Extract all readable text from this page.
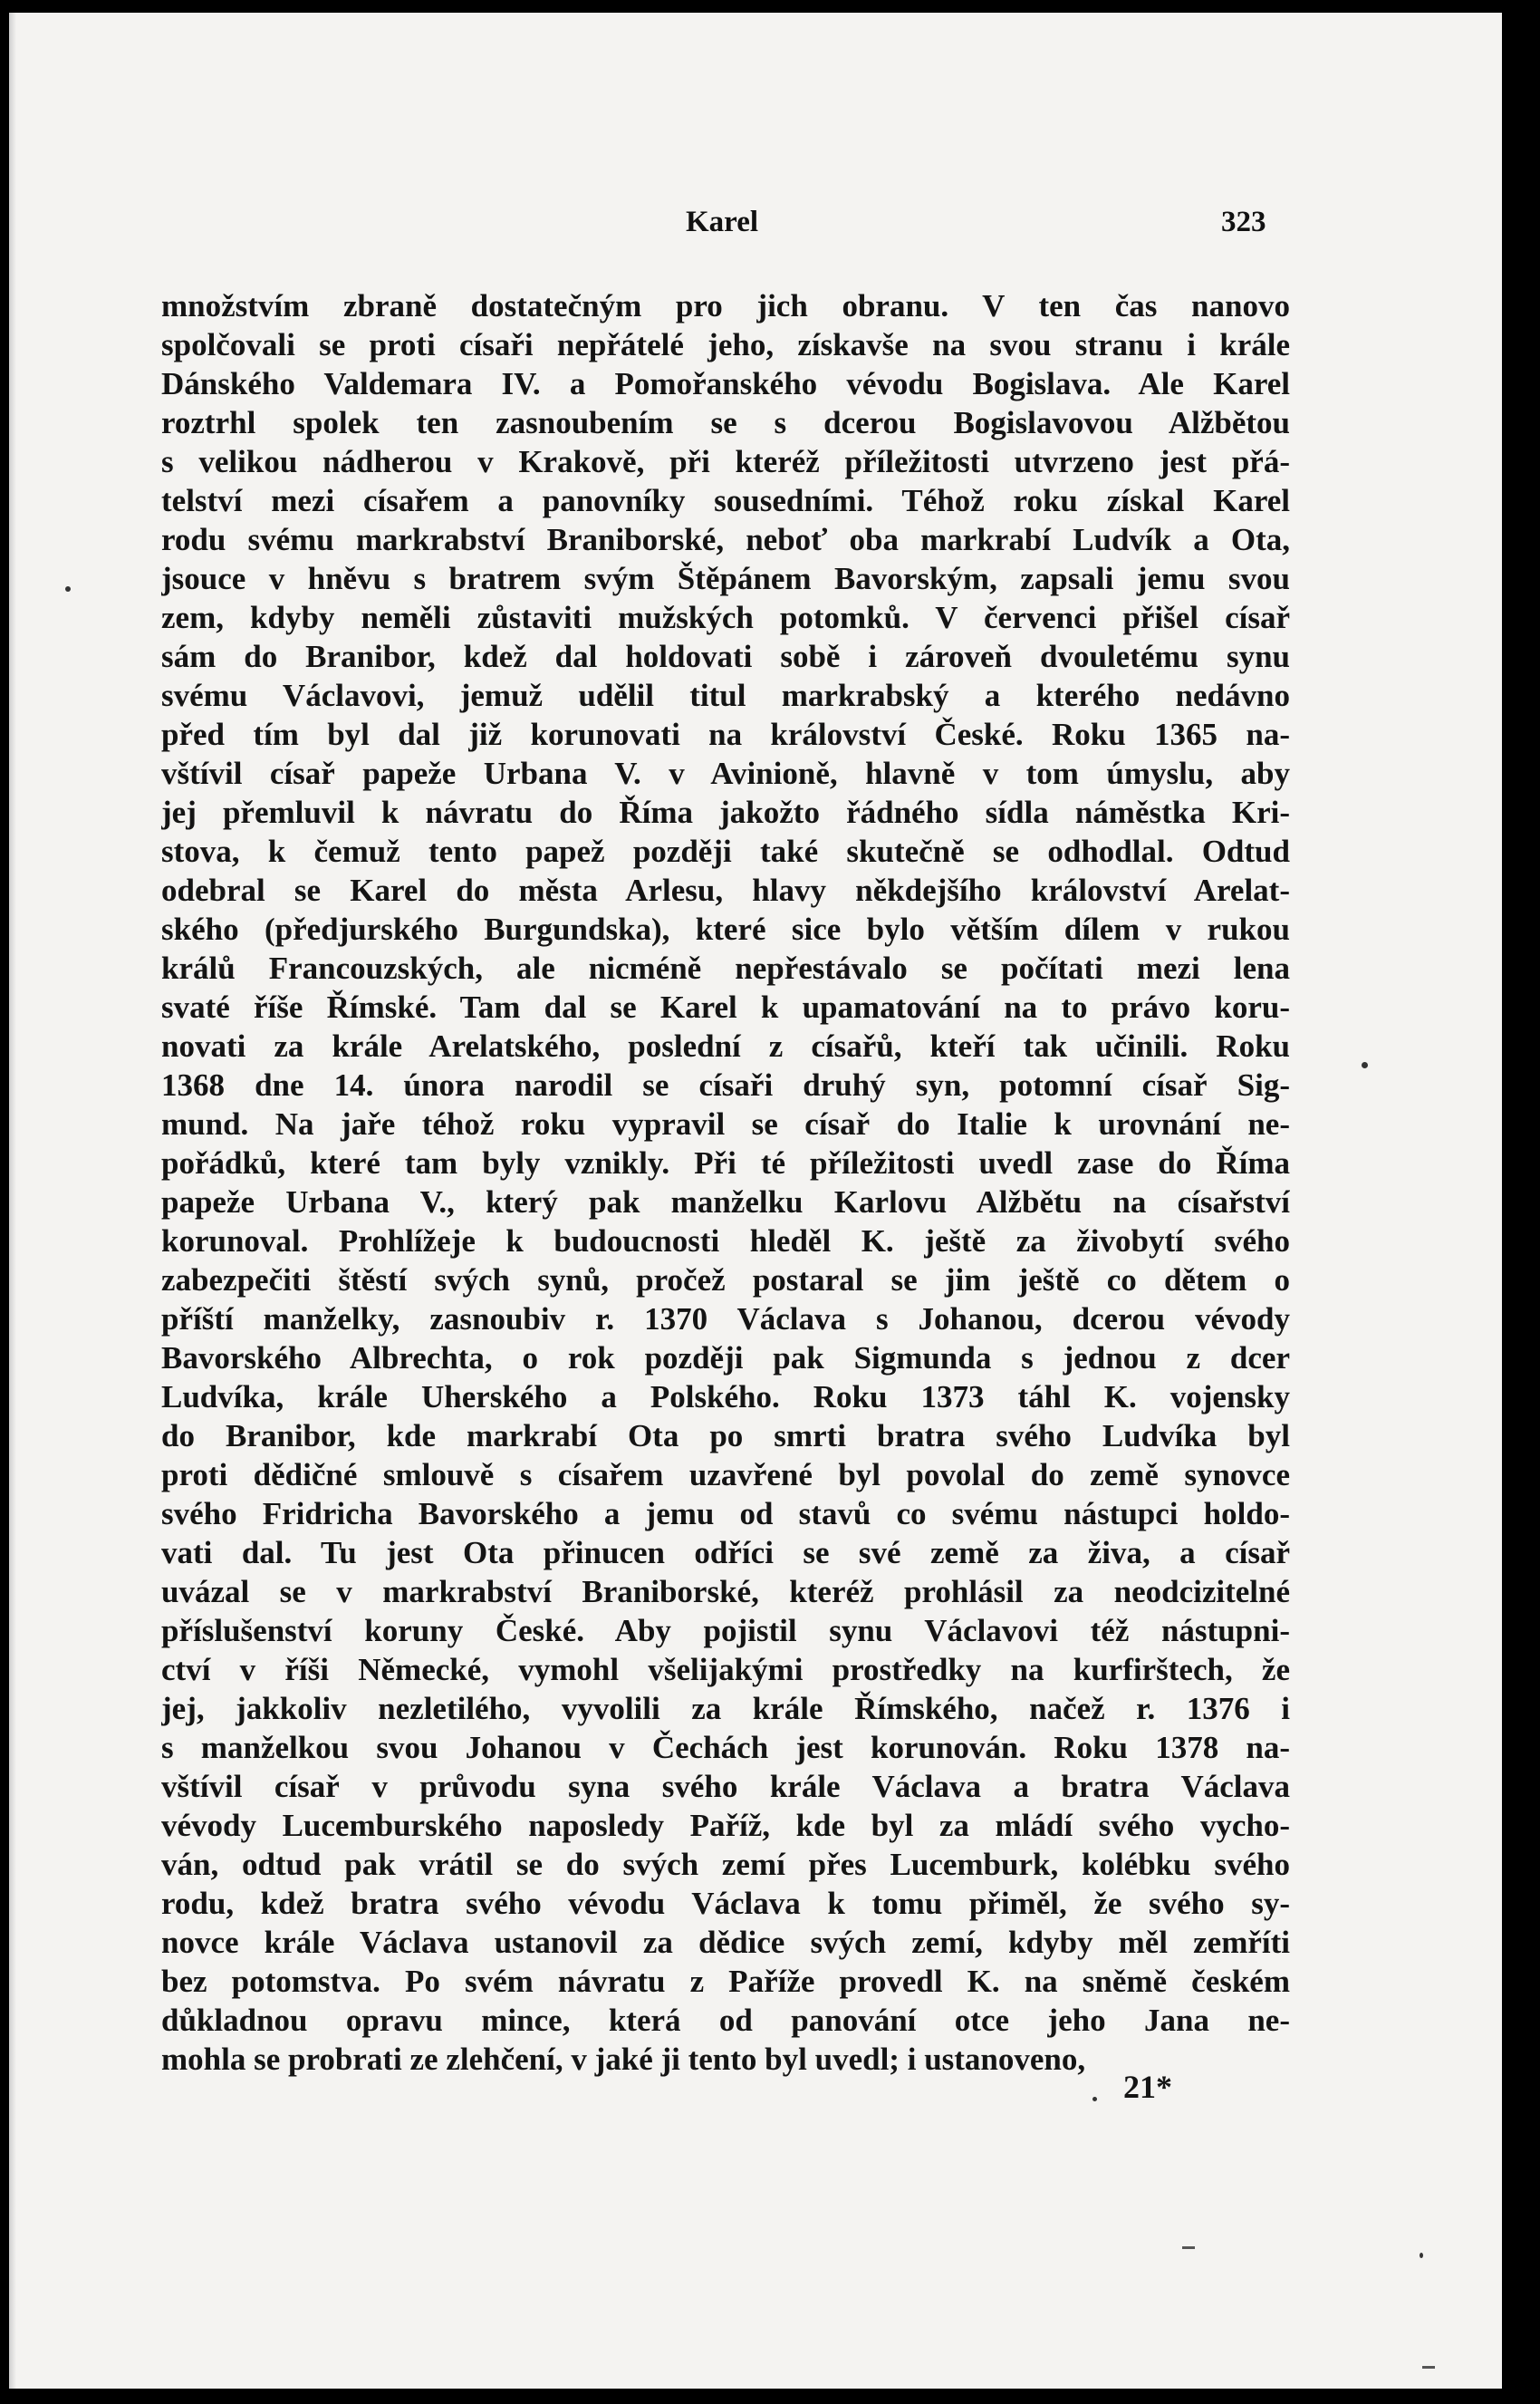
Karel	323
množstvím zbraně dostatečným pro jich obranu. V ten čas nanovo
spolčovali se proti císaři nepřátelé jeho, získavše na svou stranu i krále
Dánského Valdemara IV. a Pomořanského vévodu Bogislava. Ale Karel
roztrhl spolek ten zasnoubením se s dcerou Bogislavovou Alžbětou
s velikou nádherou v Krakově, při kteréž příležitosti utvrzeno jest přá-
telství mezi císařem a panovníky sousedními. Téhož roku získal Karel
rodu svému markrabství Braniborské, neboť oba markrabí Ludvík a Ota,
jsouce v hněvu s bratrem svým Štěpánem Bavorským, zapsali jemu svou
zem, kdyby neměli zůstaviti mužských potomků. V červenci přišel císař
sám do Branibor, kdež dal holdovati sobě i zároveň dvouletému synu
svému Václavovi, jemuž udělil titul markrabský a kterého nedávno
před tím byl dal již korunovati na království České. Roku 1365 na-
vštívil císař papeže Urbana V. v Avinioně, hlavně v tom úmyslu, aby
jej přemluvil k návratu do Říma jakožto řádného sídla náměstka Kri-
stova, k čemuž tento papež později také skutečně se odhodlal. Odtud
odebral se Karel do města Arlesu, hlavy někdejšího království Arelat-
ského (předjurského Burgundska), které sice bylo větším dílem v rukou
králů Francouzských, ale nicméně nepřestávalo se počítati mezi lena
svaté říše Římské. Tam dal se Karel k upamatování na to právo koru-
novati za krále Arelatského, poslední z císařů, kteří tak učinili. Roku
1368 dne 14. února narodil se císaři druhý syn, potomní císař Sig-
mund. Na jaře téhož roku vypravil se císař do Italie k urovnání ne-
pořádků, které tam byly vznikly. Při té příležitosti uvedl zase do Říma
papeže Urbana V., který pak manželku Karlovu Alžbětu na císařství
korunoval. Prohlížeje k budoucnosti hleděl K. ještě za živobytí svého
zabezpečiti štěstí svých synů, pročež postaral se jim ještě co dětem o
příští manželky, zasnoubiv r. 1370 Václava s Johanou, dcerou vévody
Bavorského Albrechta, o rok později pak Sigmunda s jednou z dcer
Ludvíka, krále Uherského a Polského. Roku 1373 táhl K. vojensky
do Branibor, kde markrabí Ota po smrti bratra svého Ludvíka byl
proti dědičné smlouvě s císařem uzavřené byl povolal do země synovce
svého Fridricha Bavorského a jemu od stavů co svému nástupci holdo-
vati dal. Tu jest Ota přinucen odříci se své země za živa, a císař
uvázal se v markrabství Braniborské, kteréž prohlásil za neodcizitelné
příslušenství koruny České. Aby pojistil synu Václavovi též nástupni-
ctví v říši Německé, vymohl všelijakými prostředky na kurfirštech, že
jej, jakkoliv nezletilého, vyvolili za krále Římského, načež r. 1376 i
s manželkou svou Johanou v Čechách jest korunován. Roku 1378 na-
vštívil císař v průvodu syna svého krále Václava a bratra Václava
vévody Lucemburského naposledy Paříž, kde byl za mládí svého vycho-
ván, odtud pak vrátil se do svých zemí přes Lucemburk, kolébku svého
rodu, kdež bratra svého vévodu Václava k tomu přiměl, že svého sy-
novce krále Václava ustanovil za dědice svých zemí, kdyby měl zemříti
bez potomstva. Po svém návratu z Paříže provedl K. na sněmě českém
důkladnou opravu mince, která od panování otce jeho Jana ne-
mohla se probrati ze zlehčení, v jaké ji tento byl uvedl; i ustanoveno,
21*
